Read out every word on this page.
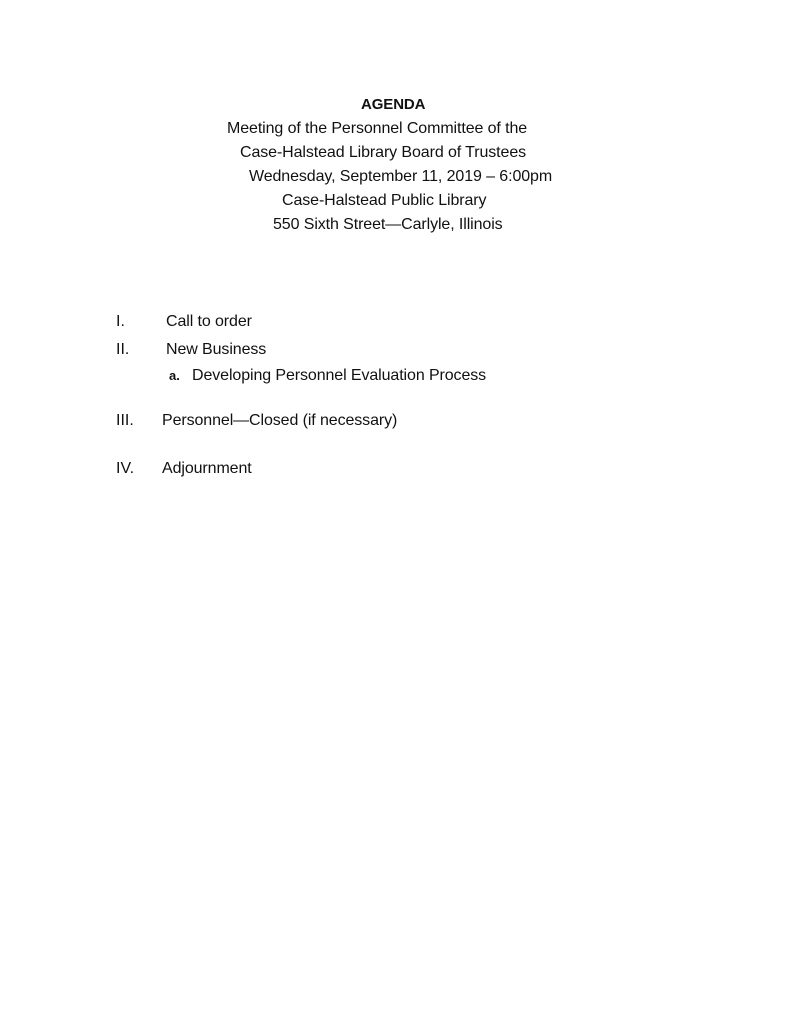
AGENDA
Meeting of the Personnel Committee of the
Case-Halstead Library Board of Trustees
Wednesday, September 11, 2019 – 6:00pm
Case-Halstead Public Library
550 Sixth Street—Carlyle, Illinois
I.	Call to order
II. New Business
a. Developing Personnel Evaluation Process
III. Personnel—Closed (if necessary)
IV. Adjournment
